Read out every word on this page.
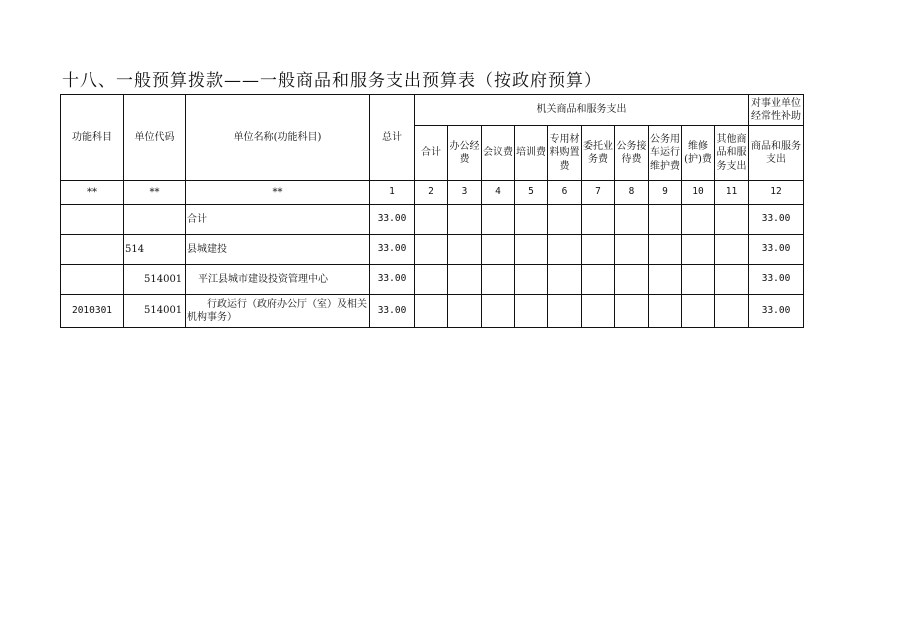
十八、一般预算拨款——一般商品和服务支出预算表（按政府预算）
功能科目	单位代码	单位名称(功能科目)	总计	机关商品和服务支出										对事业单位
经常性补助
				合计	办公经费	会议费	培训费	专用材料购置费	委托业务费	公务接待费	公务用车运行维护费	维修(护)费	其他商品和服务支出	商品和服务支出
**	**	**	1	2	3	4	5	6	7	8	9	10	11	12
		合计	33.00											33.00
	514	县城建投	33.00											33.00
	514001	平江县城市建设投资管理中心	33.00											33.00
2010301	514001	行政运行（政府办公厅（室）及相关机构事务）	33.00											33.00
